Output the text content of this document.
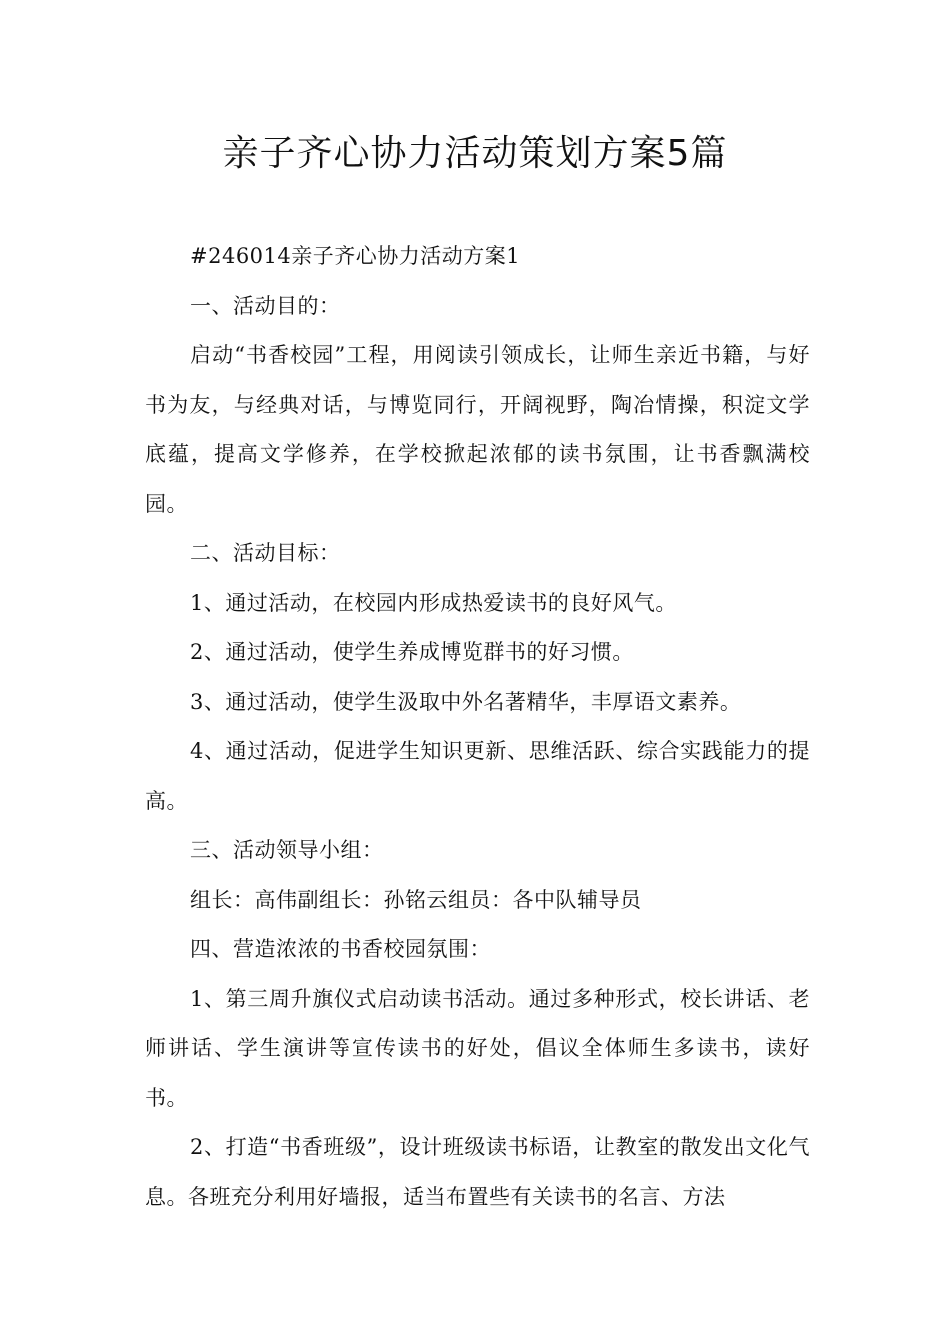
亲子齐心协力活动策划方案5篇

#246014亲子齐心协力活动方案1

一、活动目的：

启动“书香校园”工程，用阅读引领成长，让师生亲近书籍，与好书为友，与经典对话，与博览同行，开阔视野，陶冶情操，积淀文学底蕴，提高文学修养，在学校掀起浓郁的读书氛围，让书香飘满校园。

二、活动目标：

1、通过活动，在校园内形成热爱读书的良好风气。

2、通过活动，使学生养成博览群书的好习惯。

3、通过活动，使学生汲取中外名著精华，丰厚语文素养。

4、通过活动，促进学生知识更新、思维活跃、综合实践能力的提高。

三、活动领导小组：

组长：高伟副组长：孙铭云组员：各中队辅导员

四、营造浓浓的书香校园氛围：

1、第三周升旗仪式启动读书活动。通过多种形式，校长讲话、老师讲话、学生演讲等宣传读书的好处，倡议全体师生多读书，读好书。

2、打造“书香班级”，设计班级读书标语，让教室的散发出文化气息。各班充分利用好墙报，适当布置些有关读书的名言、方法
